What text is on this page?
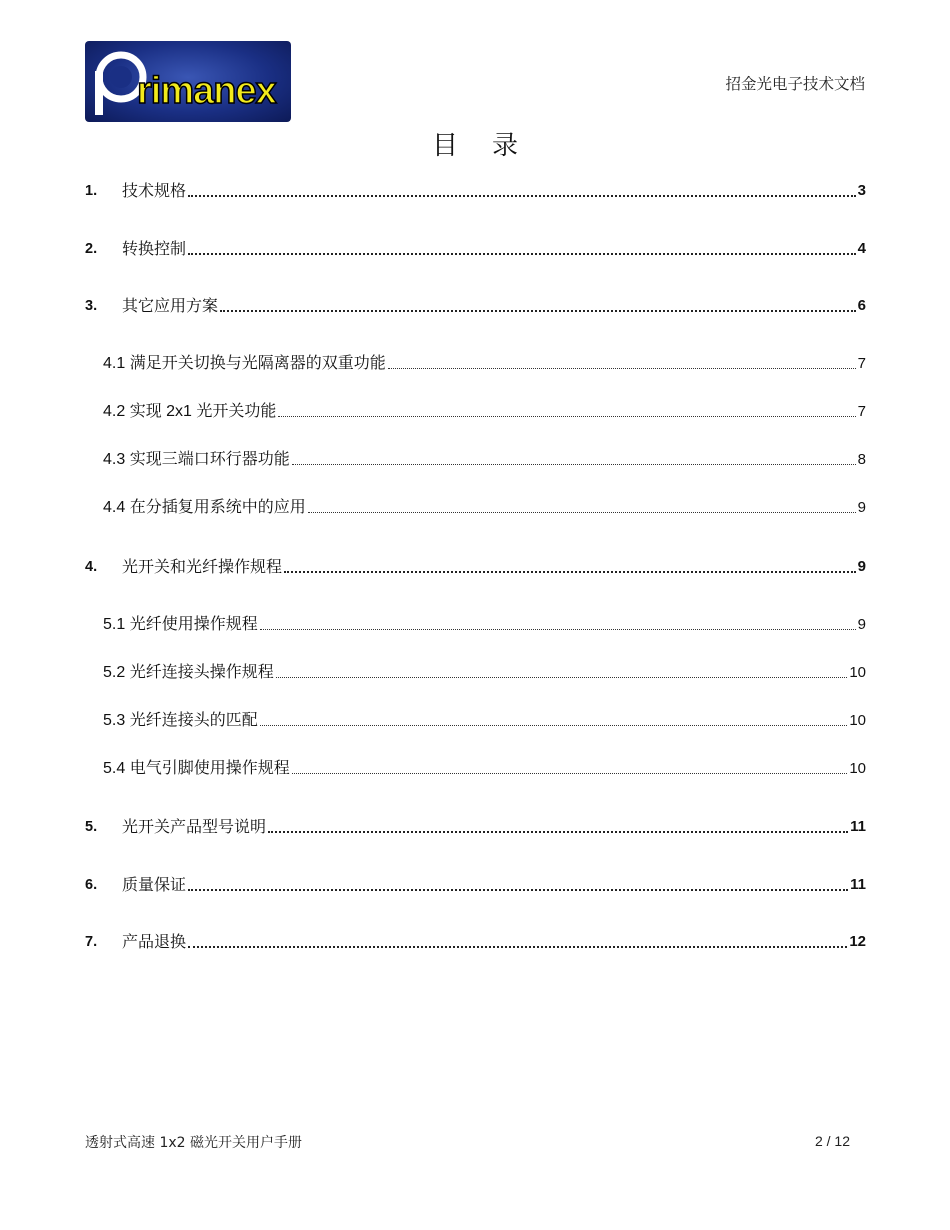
rimanex	招金光电子技术文档
目录
1.	技术规格	3
2.	转换控制	4
3.	其它应用方案	6
4.1 满足开关切换与光隔离器的双重功能	7
4.2 实现 2x1 光开关功能	7
4.3 实现三端口环行器功能	8
4.4 在分插复用系统中的应用	9
4.	光开关和光纤操作规程	9
5.1 光纤使用操作规程	9
5.2 光纤连接头操作规程	10
5.3 光纤连接头的匹配	10
5.4 电气引脚使用操作规程	10
5.	光开关产品型号说明	11
6.	质量保证	11
7.	产品退换	12
透射式高速 1x2 磁光开关用户手册	2 / 12
